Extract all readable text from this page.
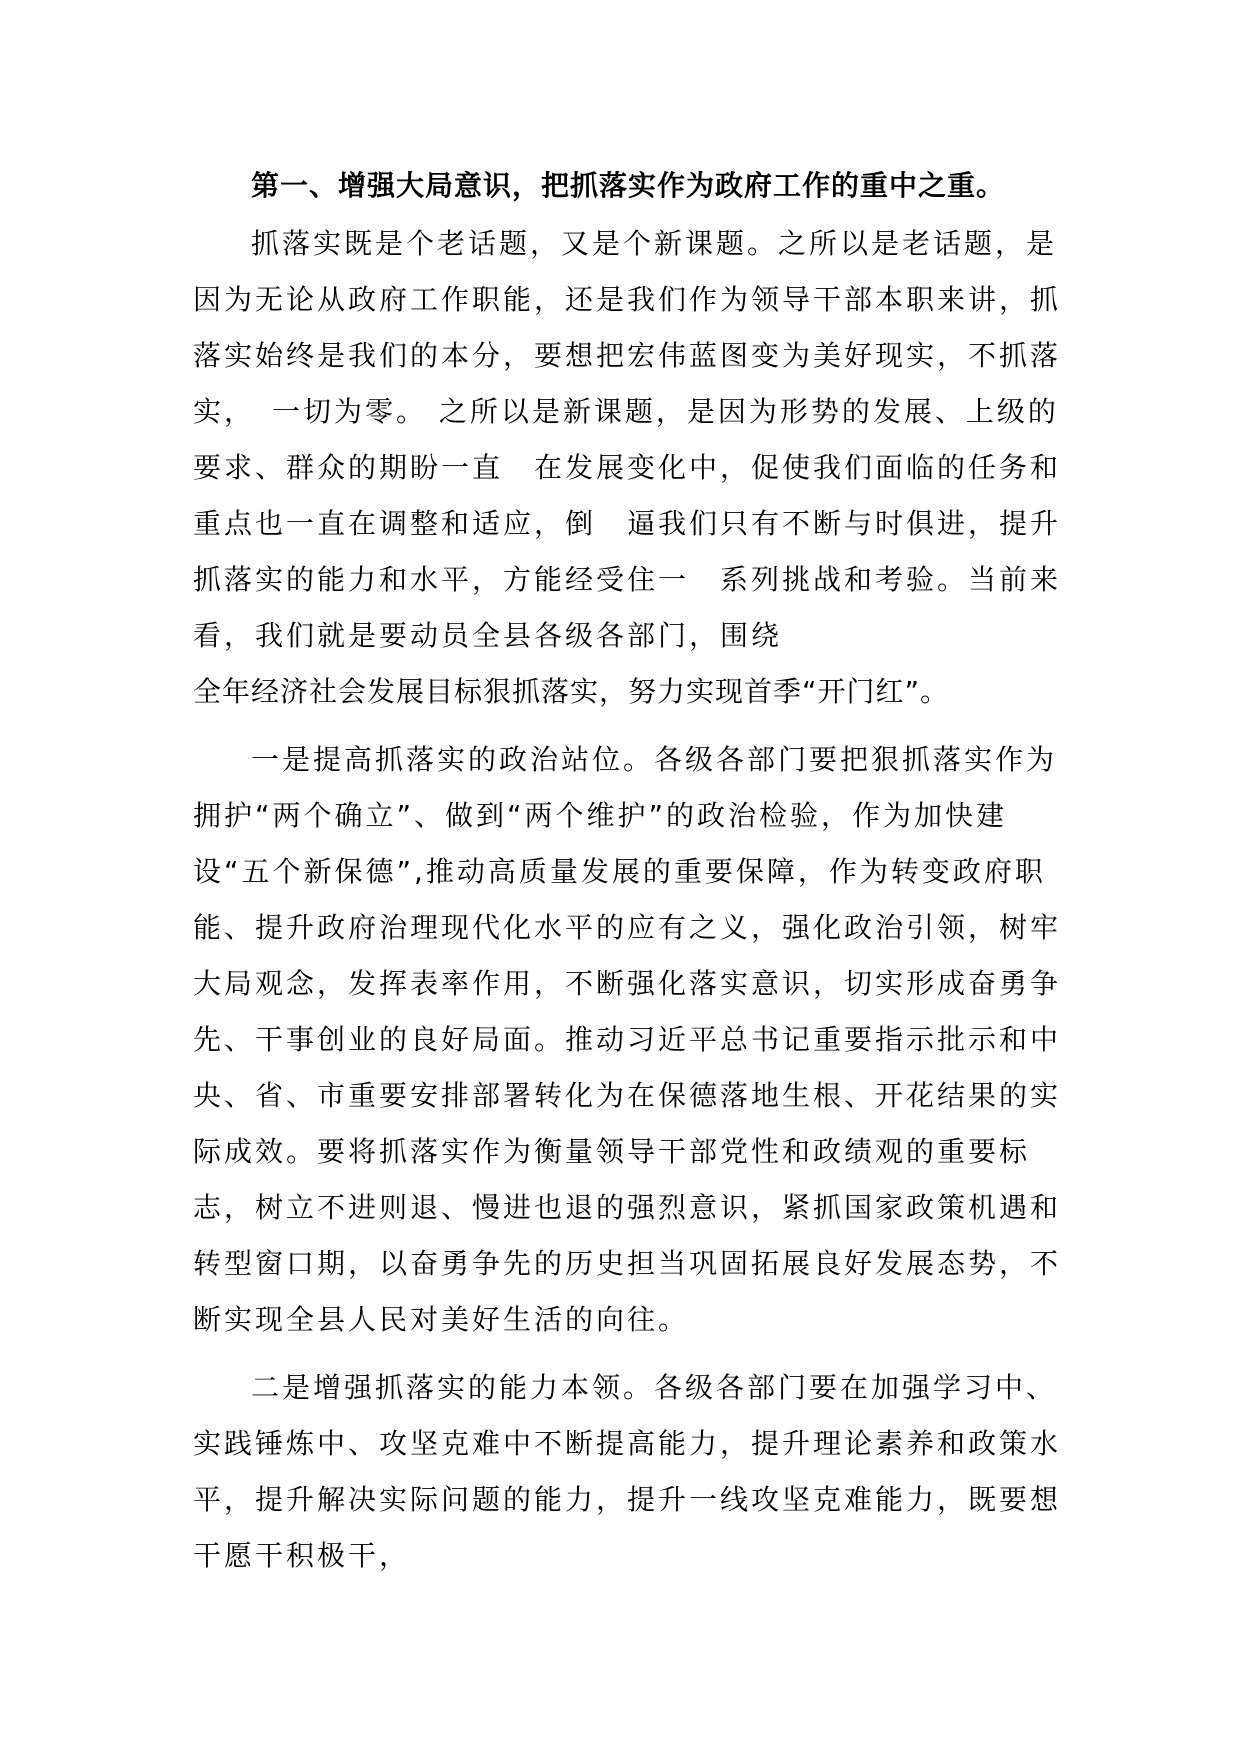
第一、增强大局意识，把抓落实作为政府工作的重中之重。

抓落实既是个老话题，又是个新课题。之所以是老话题，是因为无论从政府工作职能，还是我们作为领导干部本职来讲，抓落实始终是我们的本分，要想把宏伟蓝图变为美好现实，不抓落实，　一切为零。 之所以是新课题，是因为形势的发展、上级的要求、群众的期盼一直　在发展变化中，促使我们面临的任务和重点也一直在调整和适应，倒　逼我们只有不断与时俱进，提升抓落实的能力和水平，方能经受住一　系列挑战和考验。当前来看，我们就是要动员全县各级各部门，围绕

全年经济社会发展目标狠抓落实，努力实现首季“开门红”。

一是提高抓落实的政治站位。各级各部门要把狠抓落实作为拥护“两个确立”、做到“两个维护”的政治检验，作为加快建设“五个新保德”,推动高质量发展的重要保障，作为转变政府职能、提升政府治理现代化水平的应有之义，强化政治引领，树牢大局观念，发挥表率作用，不断强化落实意识，切实形成奋勇争先、干事创业的良好局面。推动习近平总书记重要指示批示和中央、省、市重要安排部署转化为在保德落地生根、开花结果的实际成效。要将抓落实作为衡量领导干部党性和政绩观的重要标志，树立不进则退、慢进也退的强烈意识，紧抓国家政策机遇和转型窗口期，以奋勇争先的历史担当巩固拓展良好发展态势，不断实现全县人民对美好生活的向往。

二是增强抓落实的能力本领。各级各部门要在加强学习中、实践锤炼中、攻坚克难中不断提高能力，提升理论素养和政策水平，提升解决实际问题的能力，提升一线攻坚克难能力，既要想干愿干积极干，
